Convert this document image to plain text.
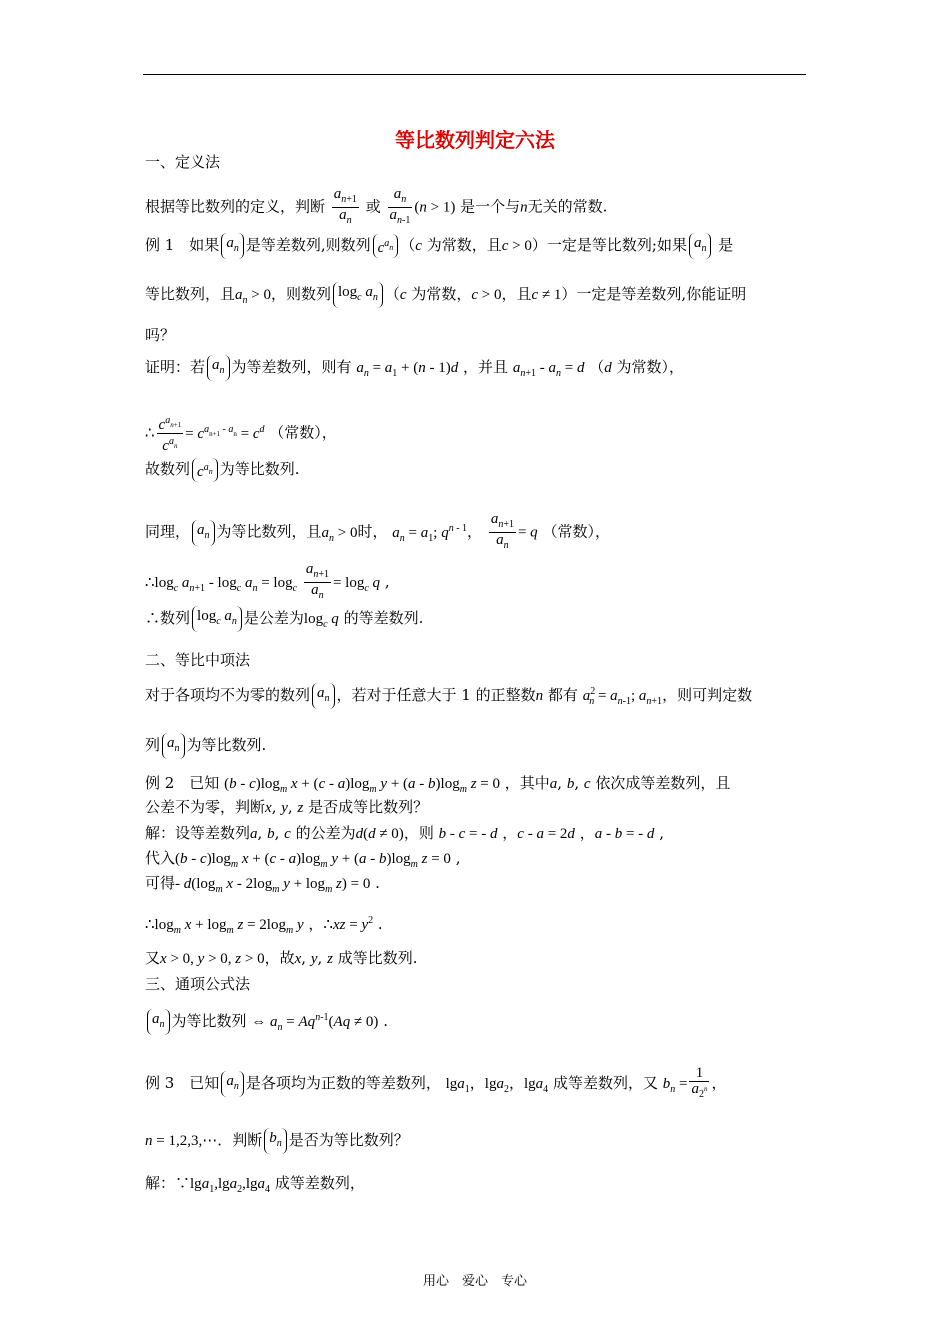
等比数列判定六法
一、定义法
根据等比数列的定义，判断 $\frac{a_{n+1}}{a_n}$ 或 $\frac{a_n}{a_{n-1}} (n > 1)$ 是一个与n无关的常数.
例 1　如果 $a_n$ 是等差数列,则数列 $c^{a_n}$ （c 为常数，且c > 0）一定是等比数列;如果 $a_n$ 是
等比数列，且$a_n > 0$，则数列 $\log_c a_n$ （c 为常数，c > 0，且c ≠ 1）一定是等差数列,你能证明
吗？
证明：若 $a_n$ 为等差数列，则有 $a_n = a_1 + (n - 1)d$ ，并且 $a_{n+1} - a_n = d$ （d 为常数），
∴ $\frac{c^{a_{n+1}}}{c^{a_n}} = c^{a_{n+1} - a_n} = c^d$ （常数），
故数列 $c^{a_n}$ 为等比数列.
同理， $a_n$ 为等比数列，且$a_n > 0$时， $a_n = a_1$; $q^{n - 1}$， $\frac{a_{n+1}}{a_n} = q$ （常数），
$\therefore\log_c$ $a_{n+1} - \log_c a_n = \log_c \frac{a_{n+1}}{a_n} = \log_c q$ ,
∴数列 $\log_c a_n$ 是公差为$\log_c q$ 的等差数列.
二、等比中项法
对于各项均不为零的数列 $a_n$ ，若对于任意大于 1 的正整数n 都有 $a^2_n = a_{n-1}$; $a_{n+1}$，则可判定数
列 $a_n$ 为等比数列.
例 2　已知 $(b - c)\log_m$ $x + (c - a)\log_m$ $y + (a - b)\log_m$ z = 0 ，其中a, b, c 依次成等差数列，且
公差不为零，判断x, y, z 是否成等比数列？
解：设等差数列a, b, c 的公差为d(d ≠ 0)，则 b - c = - d ，c - a = 2d ，a - b = - d ,
代入$(b - c)\log_m$ $x + (c - a)\log_m$ $y + (a - b)\log_m$ z = 0 ,
可得- $d(\log_m$ x - $2\log_m$ $y + \log_m z) = 0$ .
$\therefore\log_m$ $x + \log_m z = 2\log_m$ y ，∴xz = $y^2$ .
又x > 0, y > 0, z > 0，故x, y, z 成等比数列.
三、通项公式法
$a_n$ 为等比数列 ⇔ $a_n = Aq^{n-1}(Aq \ne 0)$ .
例 3　已知 $a_n$ 是各项均为正数的等差数列， lga$_1$，lga$_2$，lga$_4$ 成等差数列，又 $b_n = \frac{1}{a_{2^n}}$ ，
n = 1,2,3,⋯．判断 $b_n$ 是否为等比数列？
解：∵lga$_1$,lga$_2$,lga$_4$ 成等差数列，
用心　爱心　专心
